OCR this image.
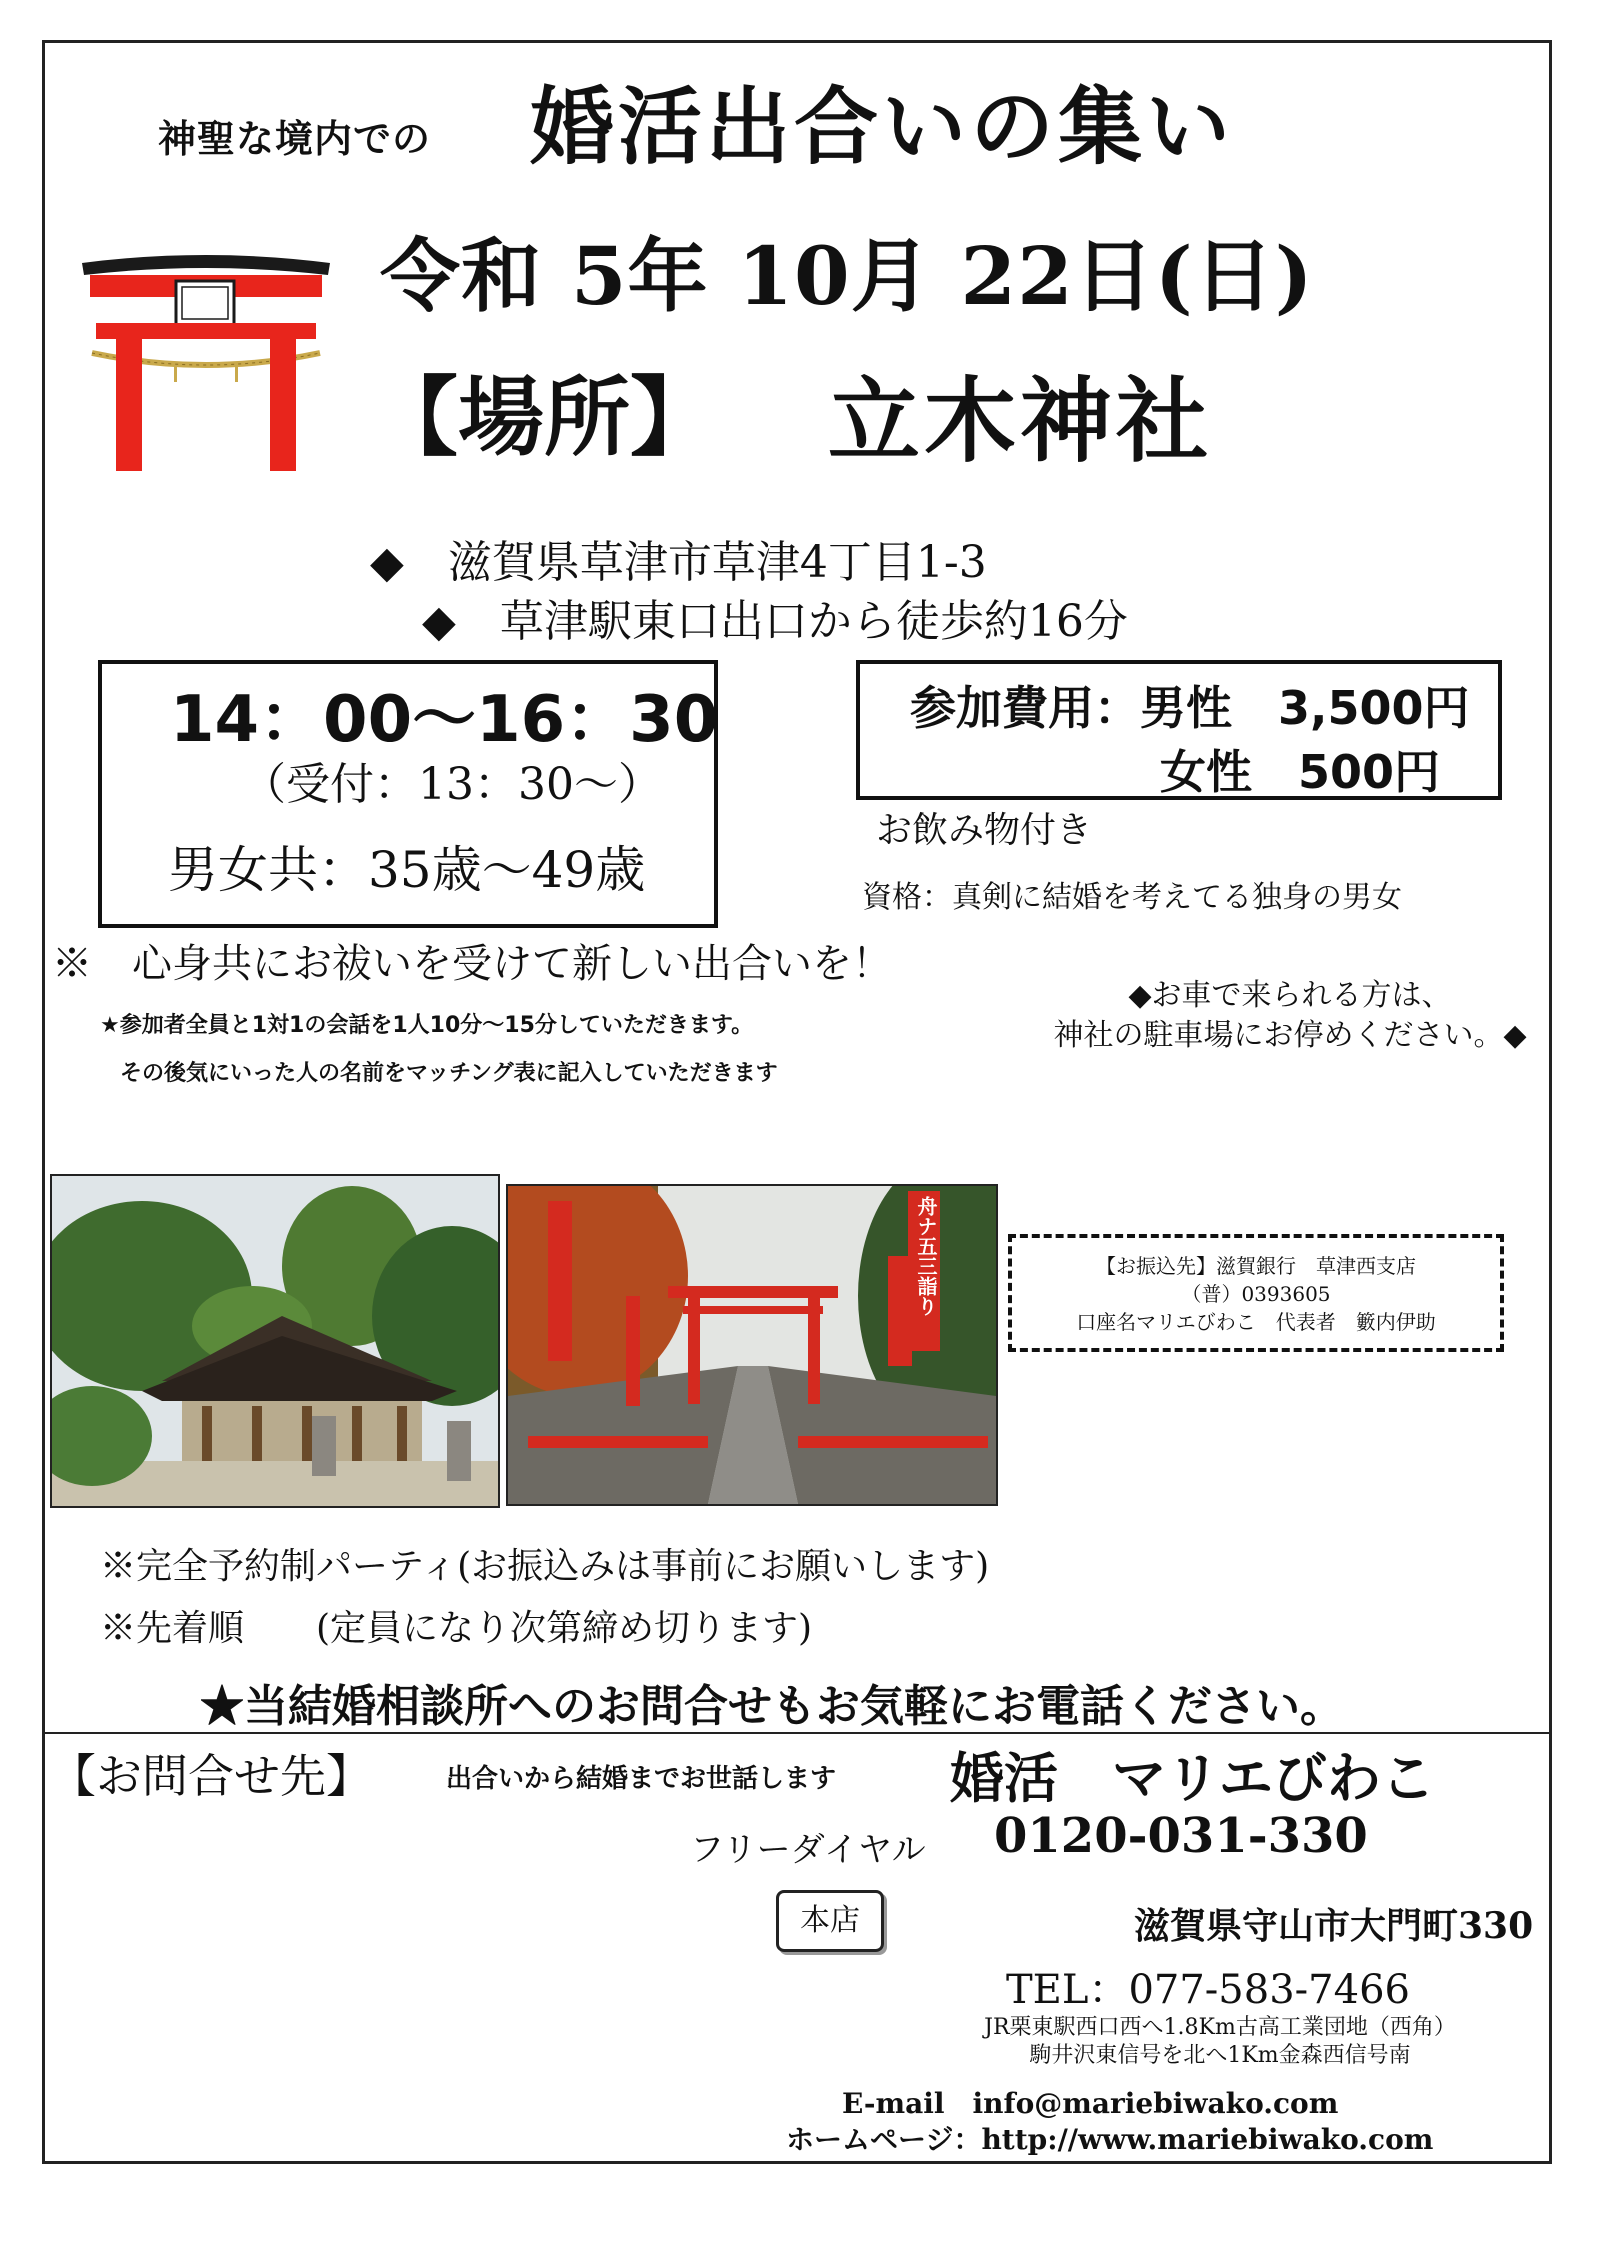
神聖な境内での 婚活出合いの集い
令和 5年 10月 22日(日)
【場所】 立木神社
◆　滋賀県草津市草津4丁目1-3
◆　草津駅東口出口から徒歩約16分
14：00～16：30
（受付：13：30～）
男女共：35歳～49歳
参加費用：男性　3,500円
女性　500円
お飲み物付き
資格：真剣に結婚を考えてる独身の男女
※　心身共にお祓いを受けて新しい出合いを！
★参加者全員と1対1の会話を1人10分～15分していただきます。
その後気にいった人の名前をマッチング表に記入していただきます
◆お車で来られる方は、
神社の駐車場にお停めください。◆
舟ナ五三詣り	【お振込先】滋賀銀行　草津西支店
（普）0393605
口座名マリエびわこ　代表者　籔内伊助
※完全予約制パーティ(お振込みは事前にお願いします)
※先着順　　(定員になり次第締め切ります)
★当結婚相談所へのお問合せもお気軽にお電話ください。
【お問合せ先】	出合いから結婚までお世話します 婚活　マリエびわこ
フリーダイヤル 0120-031-330
本店	滋賀県守山市大門町330
TEL：077-583-7466
JR栗東駅西口西へ1.8Km古高工業団地（西角）
駒井沢東信号を北へ1Km金森西信号南
E-mail　info@mariebiwako.com
ホームページ：http://www.mariebiwako.com
